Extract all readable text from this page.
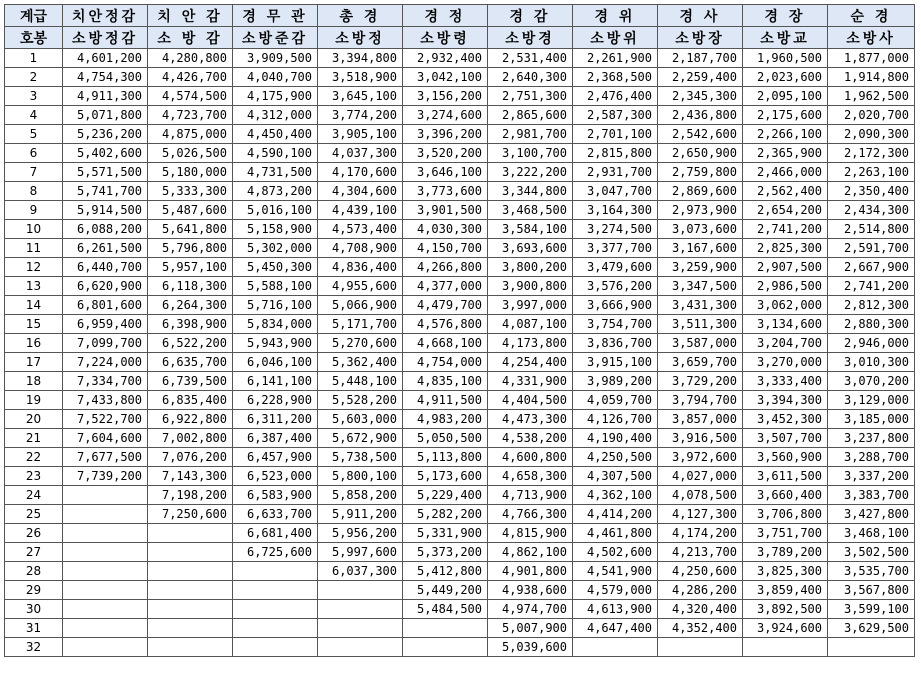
계급	치안정감	치 안 감	경 무 관	총 경	경 정	경 감	경 위	경 사	경 장	순 경
호봉	소방정감	소 방 감	소방준감	소방정	소방령	소방경	소방위	소방장	소방교	소방사
1	4,601,200	4,280,800	3,909,500	3,394,800	2,932,400	2,531,400	2,261,900	2,187,700	1,960,500	1,877,000
2	4,754,300	4,426,700	4,040,700	3,518,900	3,042,100	2,640,300	2,368,500	2,259,400	2,023,600	1,914,800
3	4,911,300	4,574,500	4,175,900	3,645,100	3,156,200	2,751,300	2,476,400	2,345,300	2,095,100	1,962,500
4	5,071,800	4,723,700	4,312,000	3,774,200	3,274,600	2,865,600	2,587,300	2,436,800	2,175,600	2,020,700
5	5,236,200	4,875,000	4,450,400	3,905,100	3,396,200	2,981,700	2,701,100	2,542,600	2,266,100	2,090,300
6	5,402,600	5,026,500	4,590,100	4,037,300	3,520,200	3,100,700	2,815,800	2,650,900	2,365,900	2,172,300
7	5,571,500	5,180,000	4,731,500	4,170,600	3,646,100	3,222,200	2,931,700	2,759,800	2,466,000	2,263,100
8	5,741,700	5,333,300	4,873,200	4,304,600	3,773,600	3,344,800	3,047,700	2,869,600	2,562,400	2,350,400
9	5,914,500	5,487,600	5,016,100	4,439,100	3,901,500	3,468,500	3,164,300	2,973,900	2,654,200	2,434,300
10	6,088,200	5,641,800	5,158,900	4,573,400	4,030,300	3,584,100	3,274,500	3,073,600	2,741,200	2,514,800
11	6,261,500	5,796,800	5,302,000	4,708,900	4,150,700	3,693,600	3,377,700	3,167,600	2,825,300	2,591,700
12	6,440,700	5,957,100	5,450,300	4,836,400	4,266,800	3,800,200	3,479,600	3,259,900	2,907,500	2,667,900
13	6,620,900	6,118,300	5,588,100	4,955,600	4,377,000	3,900,800	3,576,200	3,347,500	2,986,500	2,741,200
14	6,801,600	6,264,300	5,716,100	5,066,900	4,479,700	3,997,000	3,666,900	3,431,300	3,062,000	2,812,300
15	6,959,400	6,398,900	5,834,000	5,171,700	4,576,800	4,087,100	3,754,700	3,511,300	3,134,600	2,880,300
16	7,099,700	6,522,200	5,943,900	5,270,600	4,668,100	4,173,800	3,836,700	3,587,000	3,204,700	2,946,000
17	7,224,000	6,635,700	6,046,100	5,362,400	4,754,000	4,254,400	3,915,100	3,659,700	3,270,000	3,010,300
18	7,334,700	6,739,500	6,141,100	5,448,100	4,835,100	4,331,900	3,989,200	3,729,200	3,333,400	3,070,200
19	7,433,800	6,835,400	6,228,900	5,528,200	4,911,500	4,404,500	4,059,700	3,794,700	3,394,300	3,129,000
20	7,522,700	6,922,800	6,311,200	5,603,000	4,983,200	4,473,300	4,126,700	3,857,000	3,452,300	3,185,000
21	7,604,600	7,002,800	6,387,400	5,672,900	5,050,500	4,538,200	4,190,400	3,916,500	3,507,700	3,237,800
22	7,677,500	7,076,200	6,457,900	5,738,500	5,113,800	4,600,800	4,250,500	3,972,600	3,560,900	3,288,700
23	7,739,200	7,143,300	6,523,000	5,800,100	5,173,600	4,658,300	4,307,500	4,027,000	3,611,500	3,337,200
24		7,198,200	6,583,900	5,858,200	5,229,400	4,713,900	4,362,100	4,078,500	3,660,400	3,383,700
25		7,250,600	6,633,700	5,911,200	5,282,200	4,766,300	4,414,200	4,127,300	3,706,800	3,427,800
26			6,681,400	5,956,200	5,331,900	4,815,900	4,461,800	4,174,200	3,751,700	3,468,100
27			6,725,600	5,997,600	5,373,200	4,862,100	4,502,600	4,213,700	3,789,200	3,502,500
28				6,037,300	5,412,800	4,901,800	4,541,900	4,250,600	3,825,300	3,535,700
29					5,449,200	4,938,600	4,579,000	4,286,200	3,859,400	3,567,800
30					5,484,500	4,974,700	4,613,900	4,320,400	3,892,500	3,599,100
31						5,007,900	4,647,400	4,352,400	3,924,600	3,629,500
32						5,039,600				
